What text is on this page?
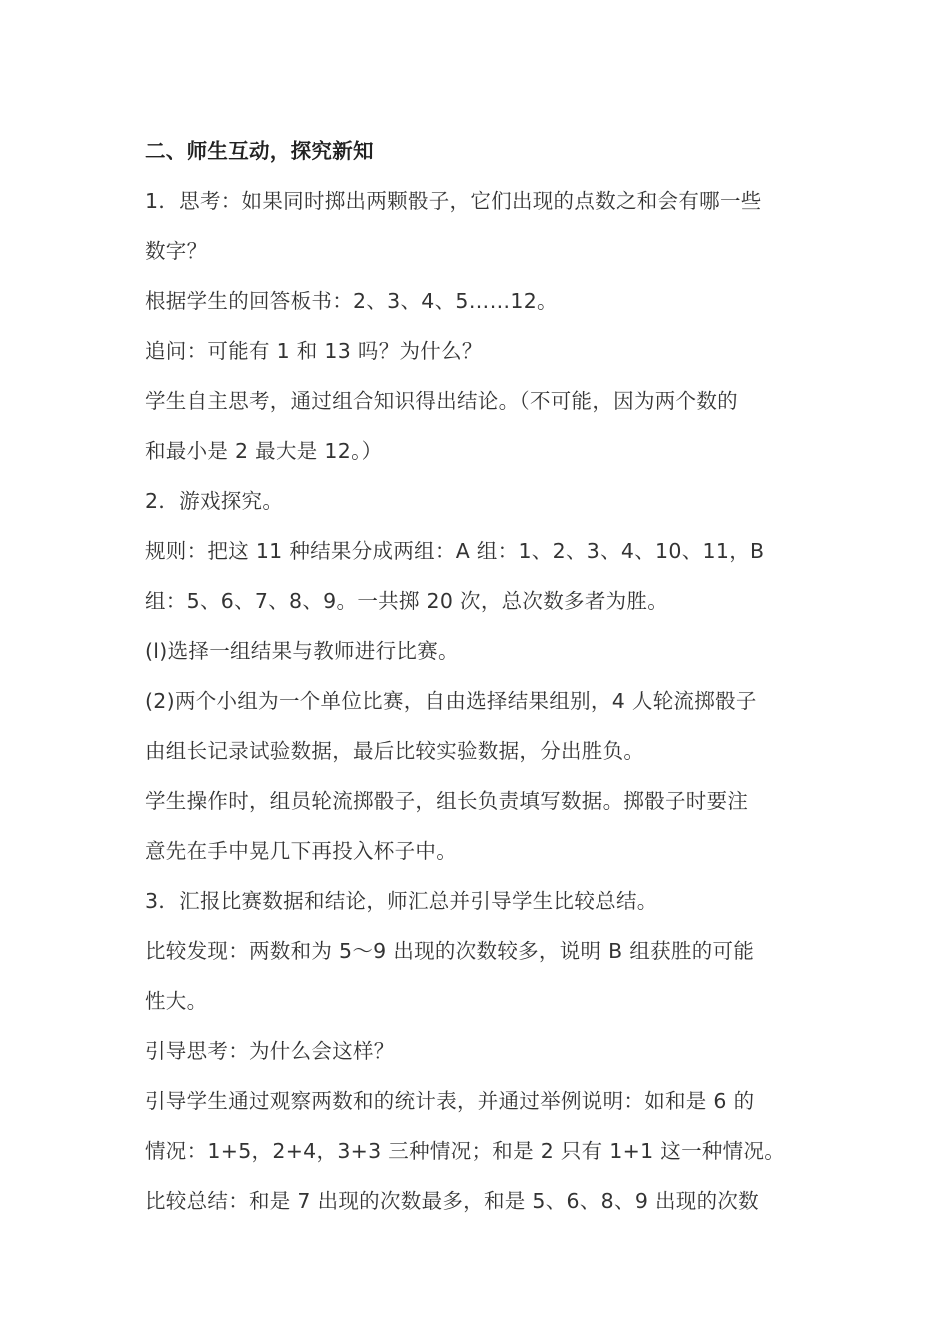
二、师生互动，探究新知
1．思考：如果同时掷出两颗骰子，它们出现的点数之和会有哪一些
数字？
根据学生的回答板书：2、3、4、5……12。
追问：可能有 1 和 13 吗？为什么？
学生自主思考，通过组合知识得出结论。（不可能，因为两个数的
和最小是 2 最大是 12。）
2．游戏探究。
规则：把这 11 种结果分成两组：A 组：1、2、3、4、10、11，B
组：5、6、7、8、9。一共掷 20 次，总次数多者为胜。
(l)选择一组结果与教师进行比赛。
(2)两个小组为一个单位比赛，自由选择结果组别，4 人轮流掷骰子
由组长记录试验数据，最后比较实验数据，分出胜负。
学生操作时，组员轮流掷骰子，组长负责填写数据。掷骰子时要注
意先在手中晃几下再投入杯子中。
3．汇报比赛数据和结论，师汇总并引导学生比较总结。
比较发现：两数和为 5～9 出现的次数较多，说明 B 组获胜的可能
性大。
引导思考：为什么会这样？
引导学生通过观察两数和的统计表，并通过举例说明：如和是 6 的
情况：1+5，2+4，3+3 三种情况；和是 2 只有 1+1 这一种情况。
比较总结：和是 7 出现的次数最多，和是 5、6、8、9 出现的次数
